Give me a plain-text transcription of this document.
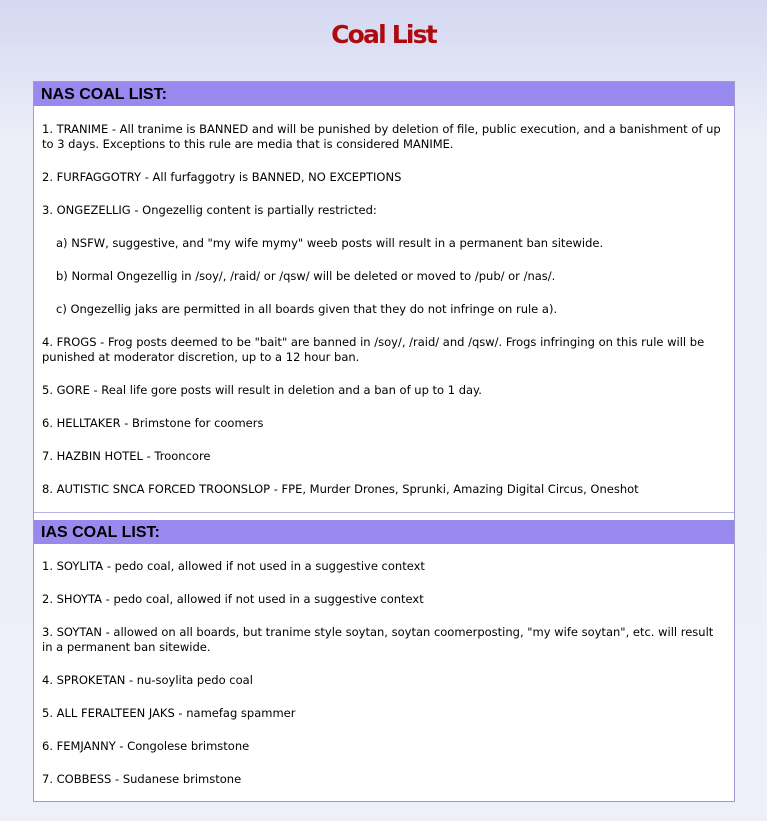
Coal List
NAS COAL LIST:

1. TRANIME - All tranime is BANNED and will be punished by deletion of file, public execution, and a banishment of up to 3 days. Exceptions to this rule are media that is considered MANIME.

2. FURFAGGOTRY - All furfaggotry is BANNED, NO EXCEPTIONS

3. ONGEZELLIG - Ongezellig content is partially restricted:

a) NSFW, suggestive, and "my wife mymy" weeb posts will result in a permanent ban sitewide.

b) Normal Ongezellig in /soy/, /raid/ or /qsw/ will be deleted or moved to /pub/ or /nas/.

c) Ongezellig jaks are permitted in all boards given that they do not infringe on rule a).

4. FROGS - Frog posts deemed to be "bait" are banned in /soy/, /raid/ and /qsw/. Frogs infringing on this rule will be punished at moderator discretion, up to a 12 hour ban.

5. GORE - Real life gore posts will result in deletion and a ban of up to 1 day.

6. HELLTAKER - Brimstone for coomers

7. HAZBIN HOTEL - Trooncore

8. AUTISTIC SNCA FORCED TROONSLOP - FPE, Murder Drones, Sprunki, Amazing Digital Circus, Oneshot

IAS COAL LIST:

1. SOYLITA - pedo coal, allowed if not used in a suggestive context

2. SHOYTA - pedo coal, allowed if not used in a suggestive context

3. SOYTAN - allowed on all boards, but tranime style soytan, soytan coomerposting, "my wife soytan", etc. will result in a permanent ban sitewide.

4. SPROKETAN - nu-soylita pedo coal

5. ALL FERALTEEN JAKS - namefag spammer

6. FEMJANNY - Congolese brimstone

7. COBBESS - Sudanese brimstone
